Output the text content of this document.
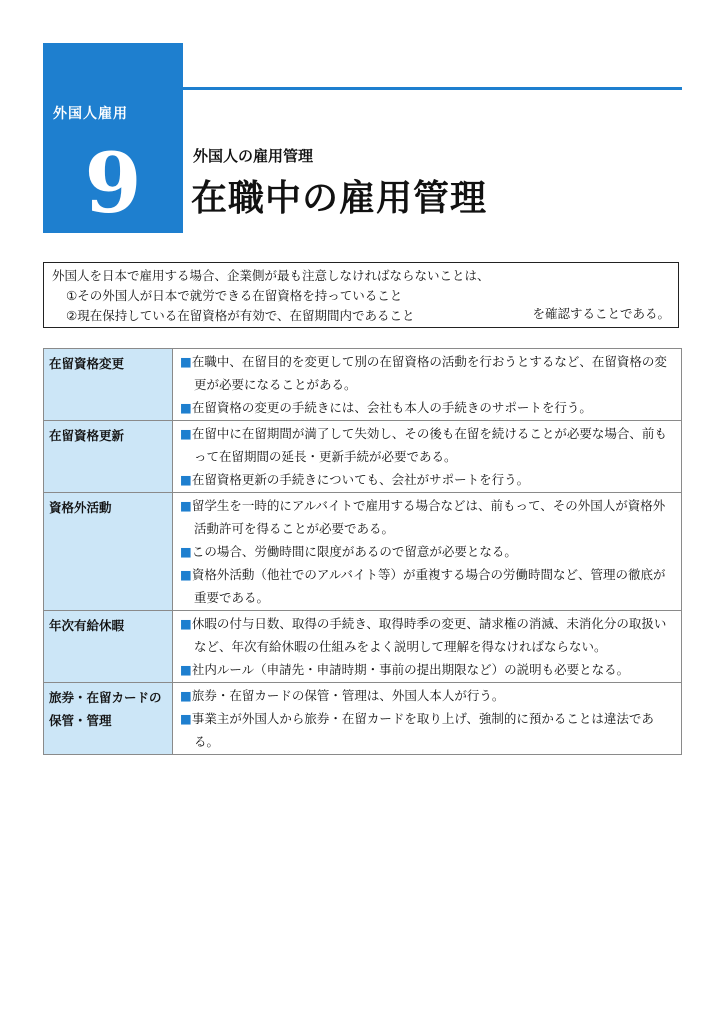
外国人雇用
9	外国人の雇用管理
在職中の雇用管理
外国人を日本で雇用する場合、企業側が最も注意しなければならないことは、
①その外国人が日本で就労できる在留資格を持っていること
②現在保持している在留資格が有効で、在留期間内であること	を確認することである。
在留資格変更	■在職中、在留目的を変更して別の在留資格の活動を行おうとするなど、在留資格の変更が必要になることがある。
■在留資格の変更の手続きには、会社も本人の手続きのサポートを行う。

在留資格更新	■在留中に在留期間が満了して失効し、その後も在留を続けることが必要な場合、前もって在留期間の延長・更新手続が必要である。
■在留資格更新の手続きについても、会社がサポートを行う。

資格外活動	■留学生を一時的にアルバイトで雇用する場合などは、前もって、その外国人が資格外活動許可を得ることが必要である。
■この場合、労働時間に限度があるので留意が必要となる。
■資格外活動（他社でのアルバイト等）が重複する場合の労働時間など、管理の徹底が重要である。

年次有給休暇	■休暇の付与日数、取得の手続き、取得時季の変更、請求権の消滅、未消化分の取扱いなど、年次有給休暇の仕組みをよく説明して理解を得なければならない。
■社内ルール（申請先・申請時期・事前の提出期限など）の説明も必要となる。

旅券・在留カードの保管・管理	■旅券・在留カードの保管・管理は、外国人本人が行う。
■事業主が外国人から旅券・在留カードを取り上げ、強制的に預かることは違法である。
